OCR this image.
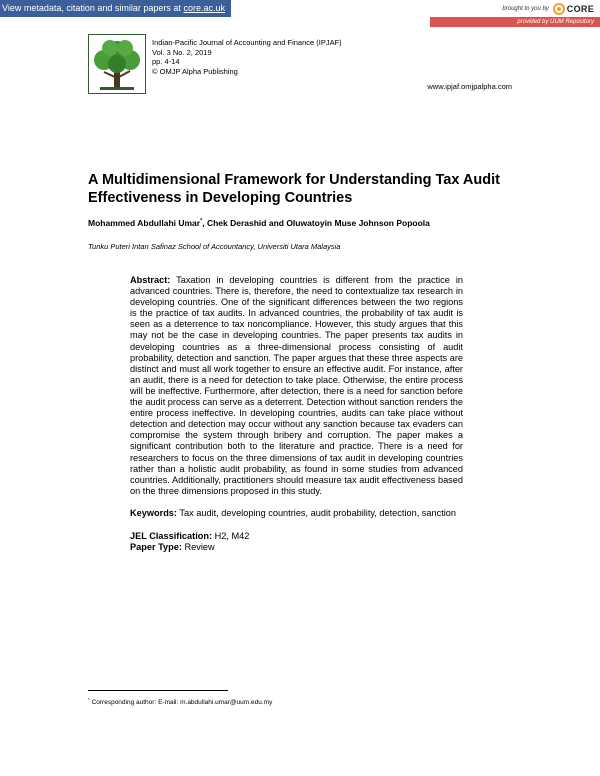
View metadata, citation and similar papers at core.ac.uk	brought to you by CORE
provided by UUM Repository
Indian-Pacific Journal of Accounting and Finance (IPJAF)
Vol. 3 No. 2, 2019
pp. 4-14
© OMJP Alpha Publishing
www.ipjaf.omjpalpha.com
A Multidimensional Framework for Understanding Tax Audit Effectiveness in Developing Countries
Mohammed Abdullahi Umar*, Chek Derashid and Oluwatoyin Muse Johnson Popoola
Tunku Puteri Intan Safinaz School of Accountancy, Universiti Utara Malaysia

Abstract: Taxation in developing countries is different from the practice in advanced countries. There is, therefore, the need to contextualize tax research in developing countries. One of the significant differences between the two regions is the practice of tax audits. In advanced countries, the probability of tax audit is seen as a deterrence to tax noncompliance. However, this study argues that this may not be the case in developing countries. The paper presents tax audits in developing countries as a three-dimensional process consisting of audit probability, detection and sanction. The paper argues that these three aspects are distinct and must all work together to ensure an effective audit. For instance, after an audit, there is a need for detection to take place. Otherwise, the entire process will be ineffective. Furthermore, after detection, there is a need for sanction before the audit process can serve as a deterrent. Detection without sanction renders the entire process ineffective. In developing countries, audits can take place without detection and detection may occur without any sanction because tax evaders can compromise the system through bribery and corruption. The paper makes a significant contribution both to the literature and practice. There is a need for researchers to focus on the three dimensions of tax audit in developing countries rather than a holistic audit probability, as found in some studies from advanced countries. Additionally, practitioners should measure tax audit effectiveness based on the three dimensions proposed in this study.

Keywords: Tax audit, developing countries, audit probability, detection, sanction

JEL Classification: H2, M42

Paper Type: Review

* Corresponding author: E-mail: m.abdullahi.umar@uum.edu.my
